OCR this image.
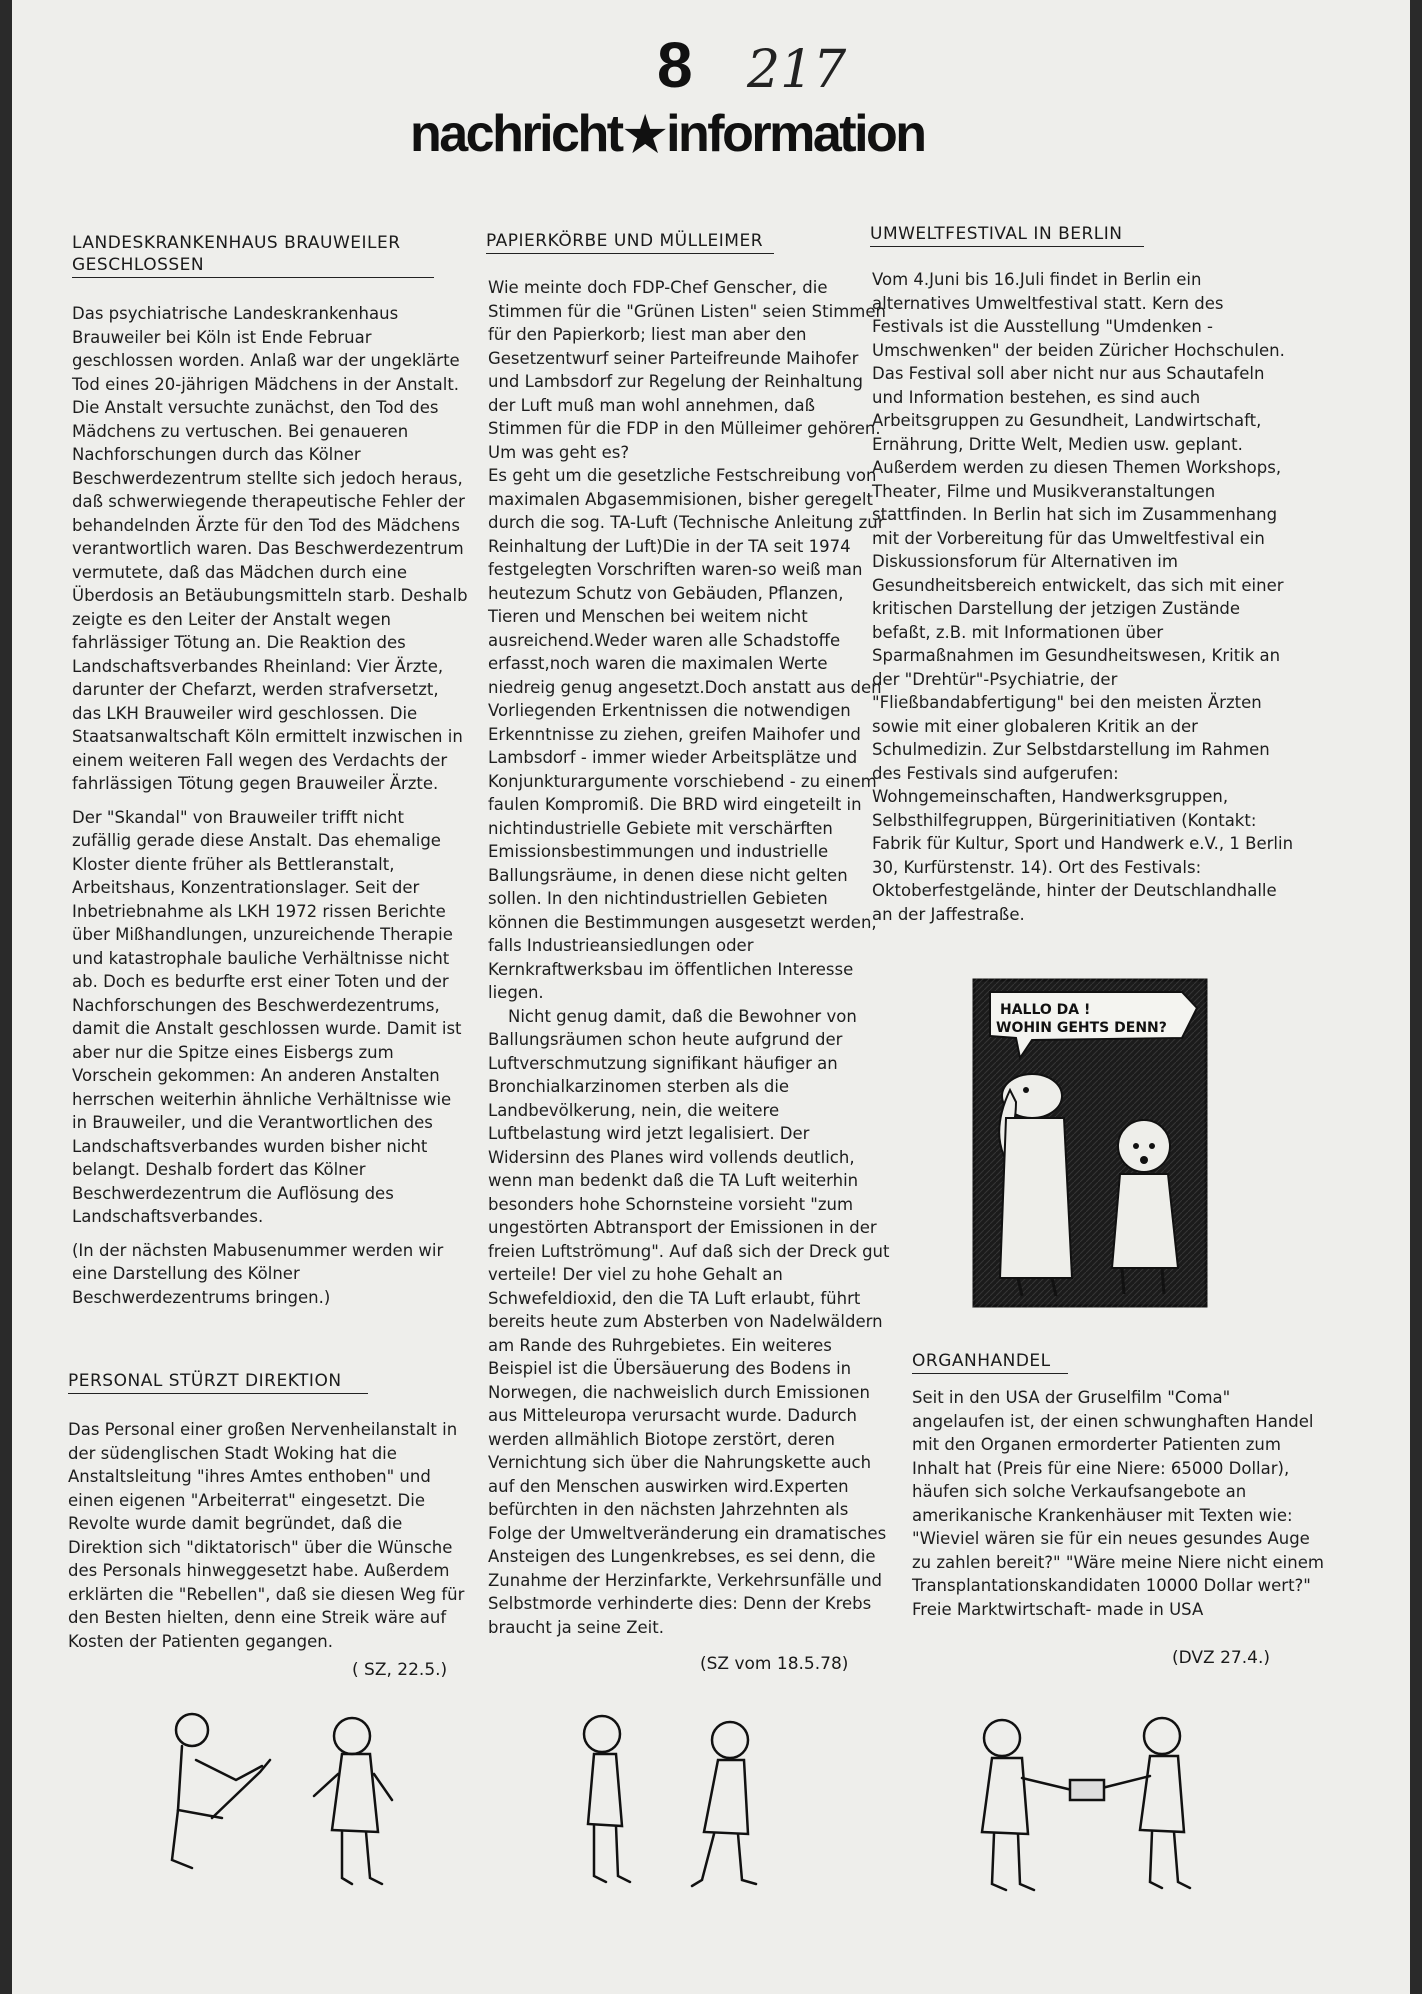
8 217
nachricht★information
LANDESKRANKENHAUS BRAUWEILER GESCHLOSSEN

Das psychiatrische Landeskrankenhaus Brauweiler bei Köln ist Ende Februar geschlossen worden. Anlaß war der ungeklärte Tod eines 20-jährigen Mädchens in der Anstalt. Die Anstalt versuchte zunächst, den Tod des Mädchens zu vertuschen. Bei genaueren Nachforschungen durch das Kölner Beschwerdezentrum stellte sich jedoch heraus, daß schwerwiegende therapeutische Fehler der behandelnden Ärzte für den Tod des Mädchens verantwortlich waren. Das Beschwerdezentrum vermutete, daß das Mädchen durch eine Überdosis an Betäubungsmitteln starb. Deshalb zeigte es den Leiter der Anstalt wegen fahrlässiger Tötung an. Die Reaktion des Landschaftsverbandes Rheinland: Vier Ärzte, darunter der Chefarzt, werden strafversetzt, das LKH Brauweiler wird geschlossen. Die Staatsanwaltschaft Köln ermittelt inzwischen in einem weiteren Fall wegen des Verdachts der fahrlässigen Tötung gegen Brauweiler Ärzte.

Der "Skandal" von Brauweiler trifft nicht zufällig gerade diese Anstalt. Das ehemalige Kloster diente früher als Bettleranstalt, Arbeitshaus, Konzentrationslager. Seit der Inbetriebnahme als LKH 1972 rissen Berichte über Mißhandlungen, unzureichende Therapie und katastrophale bauliche Verhältnisse nicht ab. Doch es bedurfte erst einer Toten und der Nachforschungen des Beschwerdezentrums, damit die Anstalt geschlossen wurde. Damit ist aber nur die Spitze eines Eisbergs zum Vorschein gekommen: An anderen Anstalten herrschen weiterhin ähnliche Verhältnisse wie in Brauweiler, und die Verantwortlichen des Landschaftsverbandes wurden bisher nicht belangt. Deshalb fordert das Kölner Beschwerdezentrum die Auflösung des Landschaftsverbandes.

(In der nächsten Mabusenummer werden wir eine Darstellung des Kölner Beschwerdezentrums bringen.)

PERSONAL STÜRZT DIREKTION

Das Personal einer großen Nervenheilanstalt in der südenglischen Stadt Woking hat die Anstaltsleitung "ihres Amtes enthoben" und einen eigenen "Arbeiterrat" eingesetzt. Die Revolte wurde damit begründet, daß die Direktion sich "diktatorisch" über die Wünsche des Personals hinweggesetzt habe. Außerdem erklärten die "Rebellen", daß sie diesen Weg für den Besten hielten, denn eine Streik wäre auf Kosten der Patienten gegangen.

( SZ, 22.5.)
PAPIERKÖRBE UND MÜLLEIMER

Wie meinte doch FDP-Chef Genscher, die Stimmen für die "Grünen Listen" seien Stimmen für den Papierkorb; liest man aber den Gesetzentwurf seiner Parteifreunde Maihofer und Lambsdorf zur Regelung der Reinhaltung der Luft muß man wohl annehmen, daß Stimmen für die FDP in den Mülleimer gehören. Um was geht es?

Es geht um die gesetzliche Festschreibung von maximalen Abgasemmisionen, bisher geregelt durch die sog. TA-Luft (Technische Anleitung zur Reinhaltung der Luft)Die in der TA seit 1974 festgelegten Vorschriften waren-so weiß man heutezum Schutz von Gebäuden, Pflanzen, Tieren und Menschen bei weitem nicht ausreichend.Weder waren alle Schadstoffe erfasst,noch waren die maximalen Werte niedreig genug angesetzt.Doch anstatt aus den Vorliegenden Erkentnissen die notwendigen Erkenntnisse zu ziehen, greifen Maihofer und Lambsdorf - immer wieder Arbeitsplätze und Konjunkturargumente vorschiebend - zu einem faulen Kompromiß. Die BRD wird eingeteilt in nichtindustrielle Gebiete mit verschärften Emissionsbestimmungen und industrielle Ballungsräume, in denen diese nicht gelten sollen. In den nichtindustriellen Gebieten können die Bestimmungen ausgesetzt werden, falls Industrieansiedlungen oder Kernkraftwerksbau im öffentlichen Interesse liegen.

Nicht genug damit, daß die Bewohner von Ballungsräumen schon heute aufgrund der Luftverschmutzung signifikant häufiger an Bronchialkarzinomen sterben als die Landbevölkerung, nein, die weitere Luftbelastung wird jetzt legalisiert. Der Widersinn des Planes wird vollends deutlich, wenn man bedenkt daß die TA Luft weiterhin besonders hohe Schornsteine vorsieht "zum ungestörten Abtransport der Emissionen in der freien Luftströmung". Auf daß sich der Dreck gut verteile! Der viel zu hohe Gehalt an Schwefeldioxid, den die TA Luft erlaubt, führt bereits heute zum Absterben von Nadelwäldern am Rande des Ruhrgebietes. Ein weiteres Beispiel ist die Übersäuerung des Bodens in Norwegen, die nachweislich durch Emissionen aus Mitteleuropa verursacht wurde. Dadurch werden allmählich Biotope zerstört, deren Vernichtung sich über die Nahrungskette auch auf den Menschen auswirken wird.Experten befürchten in den nächsten Jahrzehnten als Folge der Umweltveränderung ein dramatisches Ansteigen des Lungenkrebses, es sei denn, die Zunahme der Herzinfarkte, Verkehrsunfälle und Selbstmorde verhinderte dies: Denn der Krebs braucht ja seine Zeit.

(SZ vom 18.5.78)
UMWELTFESTIVAL IN BERLIN

Vom 4.Juni bis 16.Juli findet in Berlin ein alternatives Umweltfestival statt. Kern des Festivals ist die Ausstellung "Umdenken - Umschwenken" der beiden Züricher Hochschulen. Das Festival soll aber nicht nur aus Schautafeln und Information bestehen, es sind auch Arbeitsgruppen zu Gesundheit, Landwirtschaft, Ernährung, Dritte Welt, Medien usw. geplant. Außerdem werden zu diesen Themen Workshops, Theater, Filme und Musikveranstaltungen stattfinden. In Berlin hat sich im Zusammenhang mit der Vorbereitung für das Umweltfestival ein Diskussionsforum für Alternativen im Gesundheitsbereich entwickelt, das sich mit einer kritischen Darstellung der jetzigen Zustände befaßt, z.B. mit Informationen über Sparmaßnahmen im Gesundheitswesen, Kritik an der "Drehtür"-Psychiatrie, der "Fließbandabfertigung" bei den meisten Ärzten sowie mit einer globaleren Kritik an der Schulmedizin. Zur Selbstdarstellung im Rahmen des Festivals sind aufgerufen: Wohngemeinschaften, Handwerksgruppen, Selbsthilfegruppen, Bürgerinitiativen (Kontakt: Fabrik für Kultur, Sport und Handwerk e.V., 1 Berlin 30, Kurfürstenstr. 14). Ort des Festivals: Oktoberfestgelände, hinter der Deutschlandhalle an der Jaffestraße.

HALLO DA !
WOHIN GEHTS DENN?
ORGANHANDEL

Seit in den USA der Gruselfilm "Coma" angelaufen ist, der einen schwunghaften Handel mit den Organen ermorderter Patienten zum Inhalt hat (Preis für eine Niere: 65000 Dollar), häufen sich solche Verkaufsangebote an amerikanische Krankenhäuser mit Texten wie: "Wieviel wären sie für ein neues gesundes Auge zu zahlen bereit?" "Wäre meine Niere nicht einem Transplantationskandidaten 10000 Dollar wert?" Freie Marktwirtschaft- made in USA

(DVZ 27.4.)
